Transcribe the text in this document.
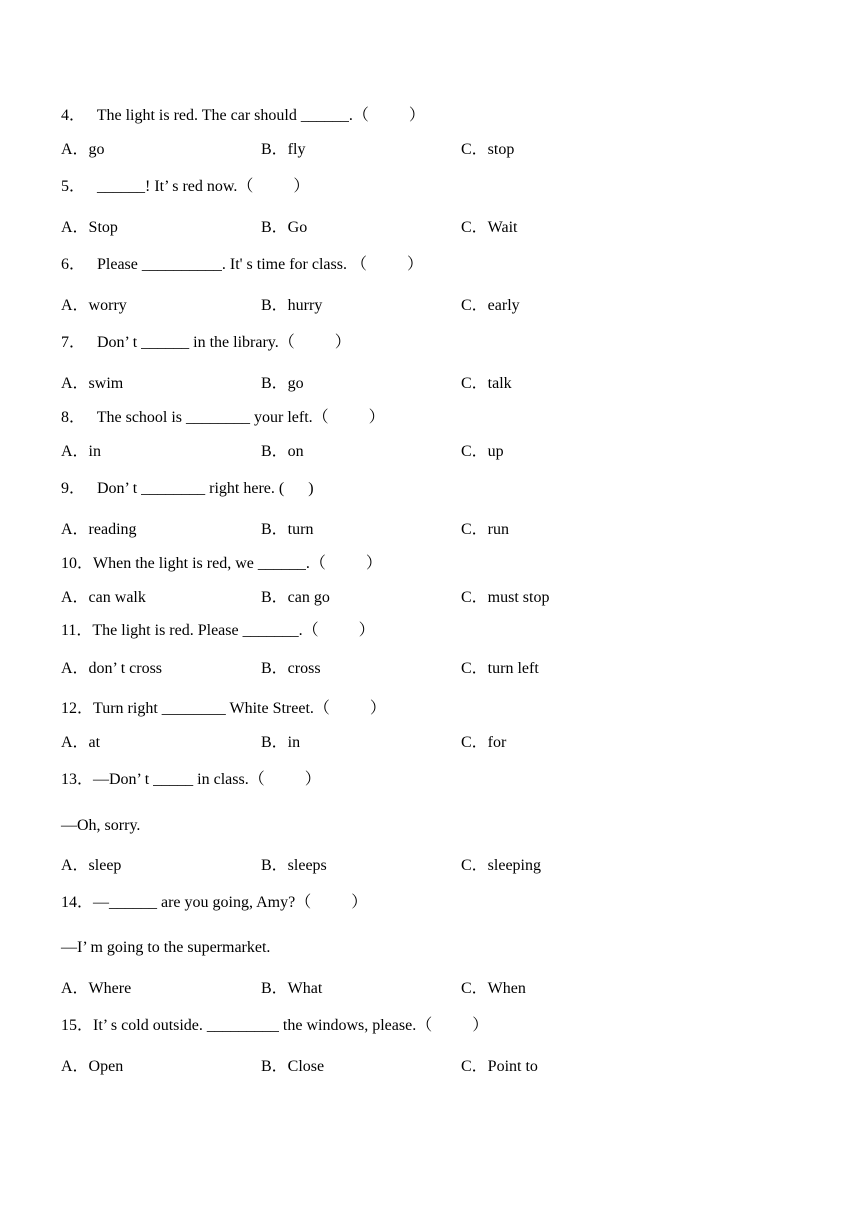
4．   The light is red. The car should ______.（          ）
A．go	B．fly	C．stop
5．   ______! It’ s red now.（          ）
A．Stop	B．Go	C．Wait
6．   Please __________. It' s time for class. （          ）
A．worry	B．hurry	C．early
7．   Don’ t ______ in the library.（          ）
A．swim	B．go	C．talk
8．   The school is ________ your left.（          ）
A．in	B．on	C．up
9．   Don’ t ________ right here. (      )
A．reading	B．turn	C．run
10．When the light is red, we ______.（          ）
A．can walk	B．can go	C．must stop
11．The light is red. Please _______.（          ）
A．don’ t cross	B．cross	C．turn left
12．Turn right ________ White Street.（          ）
A．at	B．in	C．for
13．—Don’ t _____ in class.（          ）
—Oh, sorry.
A．sleep	B．sleeps	C．sleeping
14．—______ are you going, Amy?（          ）
—I’ m going to the supermarket.
A．Where	B．What	C．When
15．It’ s cold outside. _________ the windows, please.（          ）
A．Open	B．Close	C．Point to
